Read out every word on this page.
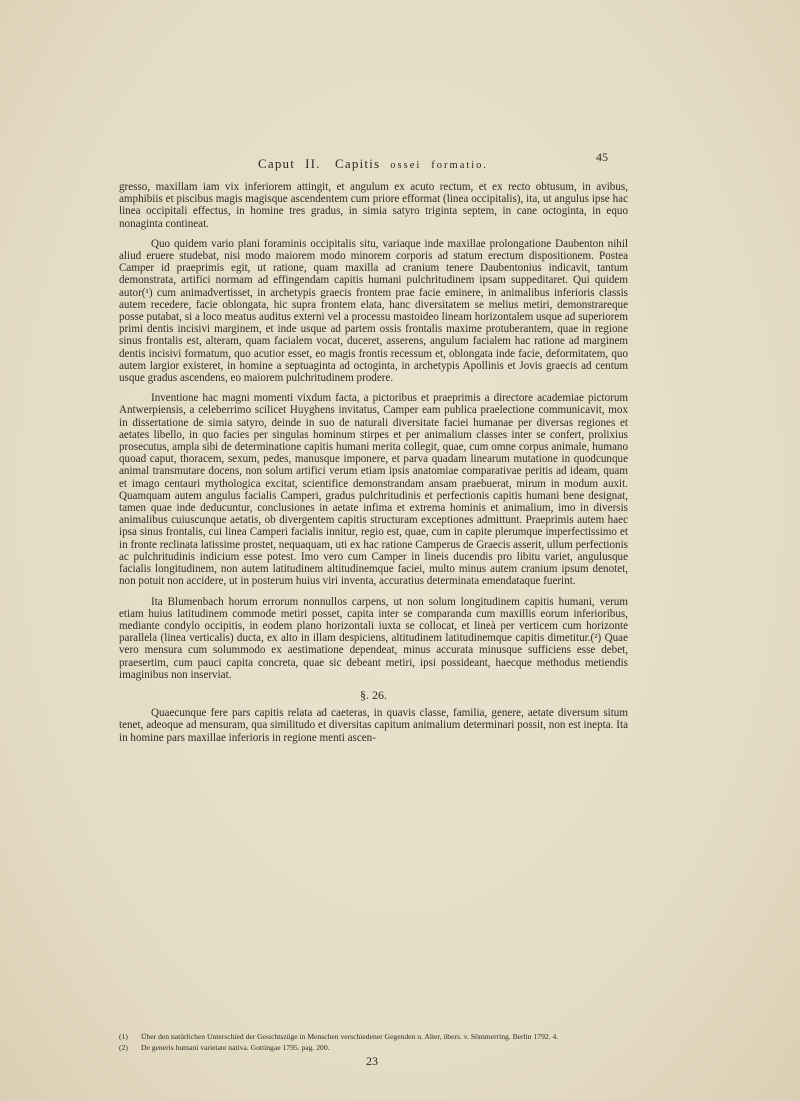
Caput II. Capitis ossei formatio.
45

gresso, maxillam iam vix inferiorem attingit, et angulum ex acuto rectum, et ex recto obtusum, in avibus, amphibiis et piscibus magis magisque ascendentem cum priore efformat (linea occipitalis), ita, ut angulus ipse hac linea occipitali effectus, in homine tres gradus, in simia satyro triginta septem, in cane octoginta, in equo nonaginta contineat.

Quo quidem vario plani foraminis occipitalis situ, variaque inde maxillae prolongatione Daubenton nihil aliud eruere studebat, nisi modo maiorem modo minorem corporis ad statum erectum dispositionem. Postea Camper id praeprimis egit, ut ratione, quam maxilla ad cranium tenere Daubentonius indicavit, tantum demonstrata, artifici normam ad effingendam capitis humani pulchritudinem ipsam suppeditaret. Qui quidem autor(¹) cum animadvertisset, in archetypis graecis frontem prae facie eminere, in animalibus inferioris classis autem recedere, facie oblongata, hic supra frontem elata, hanc diversitatem se melius metiri, demonstrareque posse putabat, si a loco meatus auditus externi vel a processu mastoideo lineam horizontalem usque ad superiorem primi dentis incisivi marginem, et inde usque ad partem ossis frontalis maxime protuberantem, quae in regione sinus frontalis est, alteram, quam facialem vocat, duceret, asserens, angulum facialem hac ratione ad marginem dentis incisivi formatum, quo acutior esset, eo magis frontis recessum et, oblongata inde facie, deformitatem, quo autem largior existeret, in homine a septuaginta ad octoginta, in archetypis Apollinis et Jovis graecis ad centum usque gradus ascendens, eo maiorem pulchritudinem prodere.

Inventione hac magni momenti vixdum facta, a pictoribus et praeprimis a directore academiae pictorum Antwerpiensis, a celeberrimo scilicet Huyghens invitatus, Camper eam publica praelectione communicavit, mox in dissertatione de simia satyro, deinde in suo de naturali diversitate faciei humanae per diversas regiones et aetates libello, in quo facies per singulas hominum stirpes et per animalium classes inter se confert, prolixius prosecutus, ampla sibi de determinatione capitis humani merita collegit, quae, cum omne corpus animale, humano quoad caput, thoracem, sexum, pedes, manusque imponere, et parva quadam linearum mutatione in quodcunque animal transmutare docens, non solum artifici verum etiam ipsis anatomiae comparativae peritis ad ideam, quam et imago centauri mythologica excitat, scientifice demonstrandam ansam praebuerat, mirum in modum auxit. Quamquam autem angulus facialis Camperi, gradus pulchritudinis et perfectionis capitis humani bene designat, tamen quae inde deducuntur, conclusiones in aetate infima et extrema hominis et animalium, imo in diversis animalibus cuiuscunque aetatis, ob divergentem capitis structuram exceptiones admittunt. Praeprimis autem haec ipsa sinus frontalis, cui linea Camperi facialis innitur, regio est, quae, cum in capite plerumque imperfectissimo et in fronte reclinata latissime prostet, nequaquam, uti ex hac ratione Camperus de Graecis asserit, ullum perfectionis ac pulchritudinis indicium esse potest. Imo vero cum Camper in lineis ducendis pro libitu variet, angulusque facialis longitudinem, non autem latitudinem altitudinemque faciei, multo minus autem cranium ipsum denotet, non potuit non accidere, ut in posterum huius viri inventa, accuratius determinata emendataque fuerint.

Ita Blumenbach horum errorum nonnullos carpens, ut non solum longitudinem capitis humani, verum etiam huius latitudinem commode metiri posset, capita inter se comparanda cum maxillis eorum inferioribus, mediante condylo occipitis, in eodem plano horizontali iuxta se collocat, et lineà per verticem cum horizonte parallela (linea verticalis) ducta, ex alto in illam despiciens, altitudinem latitudinemque capitis dimetitur.(²) Quae vero mensura cum solummodo ex aestimatione dependeat, minus accurata minusque sufficiens esse debet, praesertim, cum pauci capita concreta, quae sic debeant metiri, ipsi possideant, haecque methodus metiendis imaginibus non inserviat.

§. 26.

Quaecunque fere pars capitis relata ad caeteras, in quavis classe, familia, genere, aetate diversum situm tenet, adeoque ad mensuram, qua similitudo et diversitas capitum animalium determinari possit, non est inepta. Ita in homine pars maxillae inferioris in regione menti ascen-

(1) Über den natürlichen Unterschied der Gesichtszüge in Menschen verschiedener Gegenden u. Alter, übers. v. Sömmerring. Berlin 1792. 4.
(2) De generis humani varietate nativa. Gottingae 1795. pag. 200.
23
